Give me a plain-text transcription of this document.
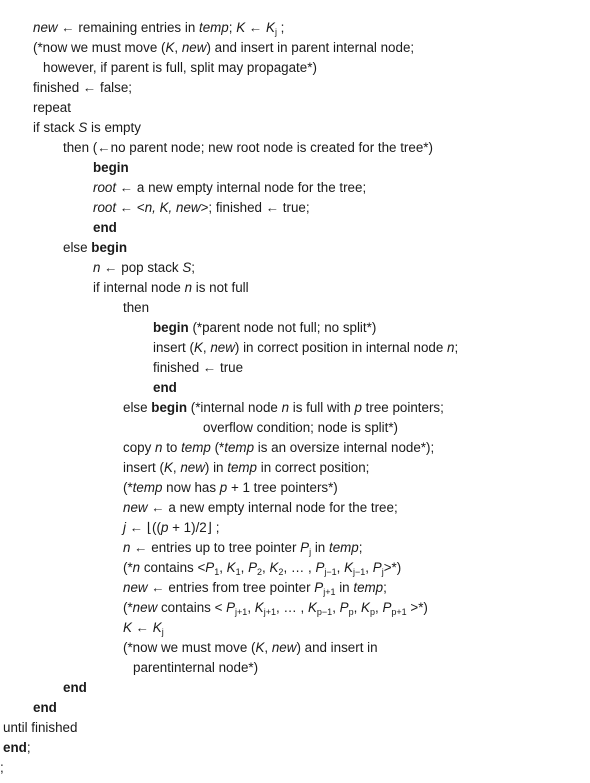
new ← remaining entries in temp; K ← $K_j$ ;
(*now we must move (K, new) and insert in parent internal node;
however, if parent is full, split may propagate*)
finished ← false;
repeat
if stack S is empty
then (←no parent node; new root node is created for the tree*)
begin
root ← a new empty internal node for the tree;
root ← <n, K, new>; finished ← true;
end
else begin
n ← pop stack S;
if internal node n is not full
then
begin (*parent node not full; no split*)
insert (K, new) in correct position in internal node n;
finished ← true
end
else begin (*internal node n is full with p tree pointers;
overflow condition; node is split*)
copy n to temp (*temp is an oversize internal node*);
insert (K, new) in temp in correct position;
(*temp now has p + 1 tree pointers*)
new ← a new empty internal node for the tree;
j ← ⌊((p + 1)/2⌋ ;
n ← entries up to tree pointer $P_j$ in temp;
(*n contains $<P_1$, $K_1$, $P_2$, $K_2$, … , $P_{j-1}$, $K_{j-1}$, $P_j>*$)
new ← entries from tree pointer $P_{j+1}$ in temp;
(*new contains < $P_{j+1}$, $K_{j+1}$, … , $K_{p-1}$, $P_p$, $K_p$, $P_{p+1}$ >*)
K ← $K_j$
(*now we must move (K, new) and insert in
parentinternal node*)
end
end
until finished
end;
;
